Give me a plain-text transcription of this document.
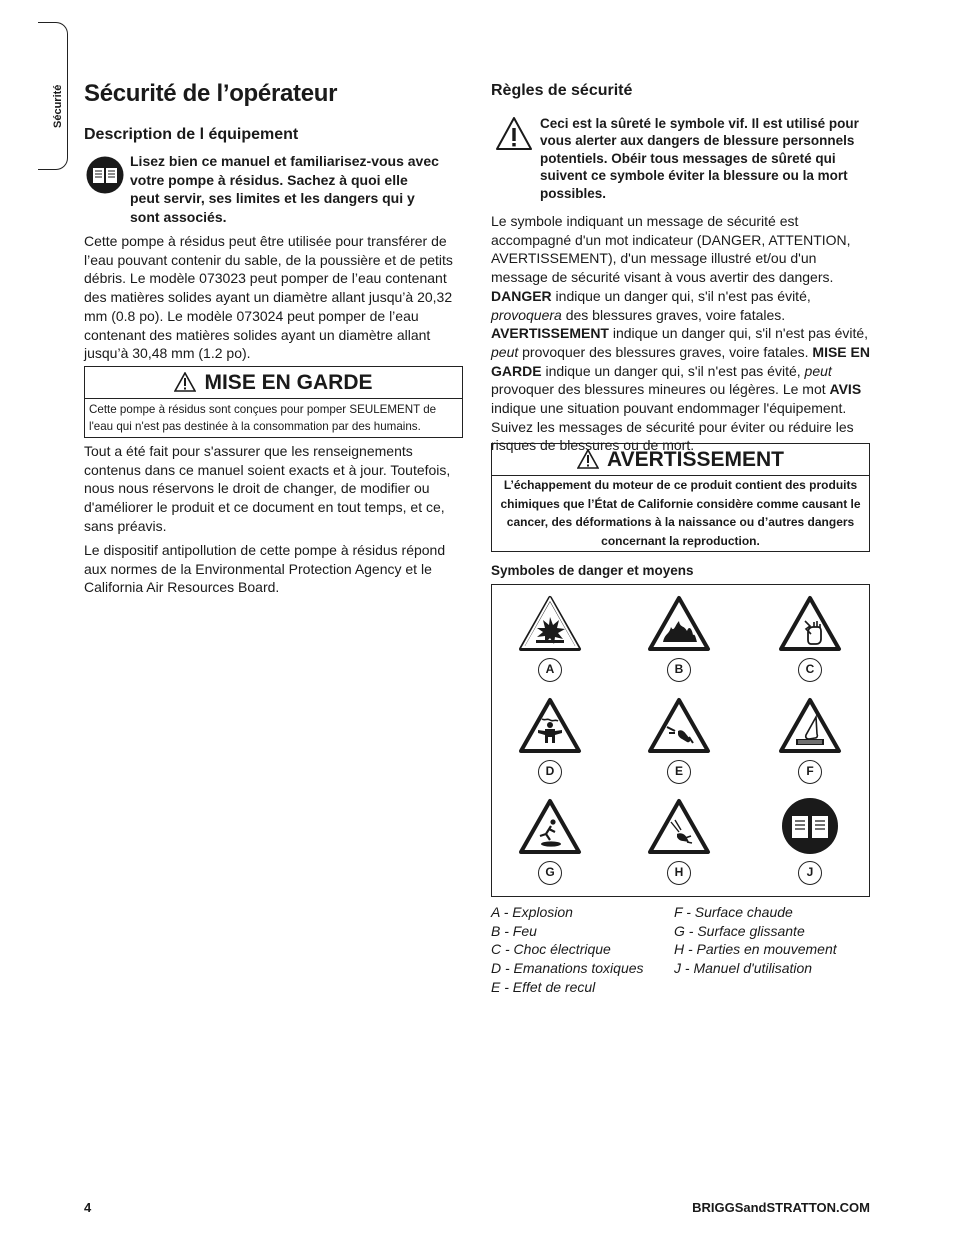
Sécurité Sécurité de l’opérateur
Description de l équipement
Lisez bien ce manuel et familiarisez-vous avec votre pompe à résidus. Sachez à quoi elle peut servir, ses limites et les dangers qui y sont associés.
Cette pompe à résidus peut être utilisée pour transférer de l’eau pouvant contenir du sable, de la poussière et de petits débris. Le modèle 073023 peut pomper de l’eau contenant des matières solides ayant un diamètre allant jusqu’à 20,32 mm (0.8 po). Le modèle 073024 peut pomper de l’eau contenant des matières solides ayant un diamètre allant jusqu’à 30,48 mm (1.2 po).
MISE EN GARDE
Cette pompe à résidus sont conçues pour pomper SEULEMENT de l'eau qui n'est pas destinée à la consommation par des humains.
Tout a été fait pour s'assurer que les renseignements contenus dans ce manuel soient exacts et à jour. Toutefois, nous nous réservons le droit de changer, de modifier ou d'améliorer le produit et ce document en tout temps, et ce, sans préavis.
Le dispositif antipollution de cette pompe à résidus répond aux normes de la Environmental Protection Agency et le California Air Resources Board.
Règles de sécurité
Ceci est la sûreté le symbole vif. Il est utilisé pour vous alerter aux dangers de blessure personnels potentiels. Obéir tous messages de sûreté qui suivent ce symbole éviter la blessure ou la mort possibles.
Le symbole indiquant un message de sécurité est accompagné d'un mot indicateur (DANGER, ATTENTION, AVERTISSEMENT), d'un message illustré et/ou d'un message de sécurité visant à vous avertir des dangers. DANGER indique un danger qui, s'il n'est pas évité, provoquera des blessures graves, voire fatales. AVERTISSEMENT indique un danger qui, s'il n'est pas évité, peut provoquer des blessures graves, voire fatales. MISE EN GARDE indique un danger qui, s'il n'est pas évité, peut provoquer des blessures mineures ou légères. Le mot AVIS indique une situation pouvant endommager l'équipement. Suivez les messages de sécurité pour éviter ou réduire les risques de blessures ou de mort.
AVERTISSEMENT
L’échappement du moteur de ce produit contient des produits chimiques que l’État de Californie considère comme causant le cancer, des déformations à la naissance ou d’autres dangers concernant la reproduction.
Symboles de danger et moyens
A	B	C
D	E	F
G	H	J
A - Explosion
B - Feu
C - Choc électrique
D - Emanations toxiques
E - Effet de recul
F - Surface chaude
G - Surface glissante
H - Parties en mouvement
J - Manuel d'utilisation
4	BRIGGSandSTRATTON.COM
